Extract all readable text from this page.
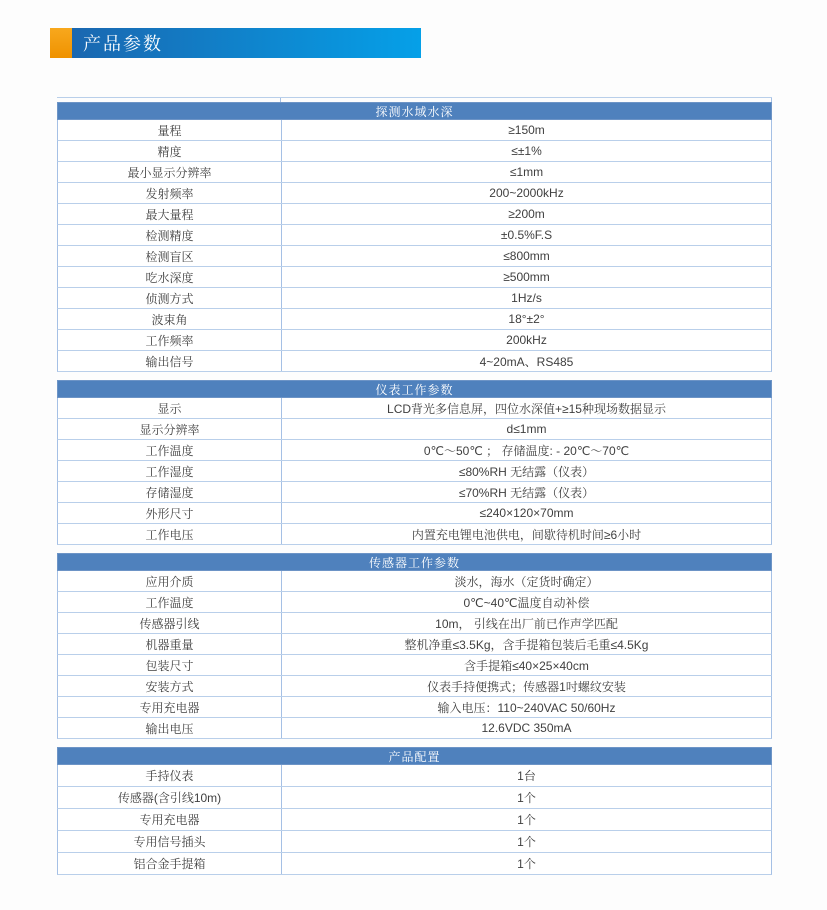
产品参数
探测水域水深
量程	≥150m
精度	≤±1%
最小显示分辨率	≤1mm
发射频率	200~2000kHz
最大量程	≥200m
检测精度	±0.5%F.S
检测盲区	≤800mm
吃水深度	≥500mm
侦测方式	1Hz/s
波束角	18°±2°
工作频率	200kHz
输出信号	4~20mA、RS485
仪表工作参数
显示	LCD背光多信息屏，四位水深值+≥15种现场数据显示
显示分辨率	d≤1mm
工作温度	0℃～50℃ ； 存储温度: - 20℃～70℃
工作湿度	≤80%RH 无结露（仪表）
存储湿度	≤70%RH 无结露（仪表）
外形尺寸	≤240×120×70mm
工作电压	内置充电锂电池供电，间歇待机时间≥6小时
传感器工作参数
应用介质	淡水，海水（定货时确定）
工作温度	0℃~40℃温度自动补偿
传感器引线	10m， 引线在出厂前已作声学匹配
机器重量	整机净重≤3.5Kg，含手提箱包装后毛重≤4.5Kg
包装尺寸	含手提箱≤40×25×40cm
安装方式	仪表手持便携式；传感器1吋螺纹安装
专用充电器	输入电压：110~240VAC 50/60Hz
输出电压	12.6VDC 350mA
产品配置
手持仪表	1台
传感器(含引线10m)	1个
专用充电器	1个
专用信号插头	1个
铝合金手提箱	1个
